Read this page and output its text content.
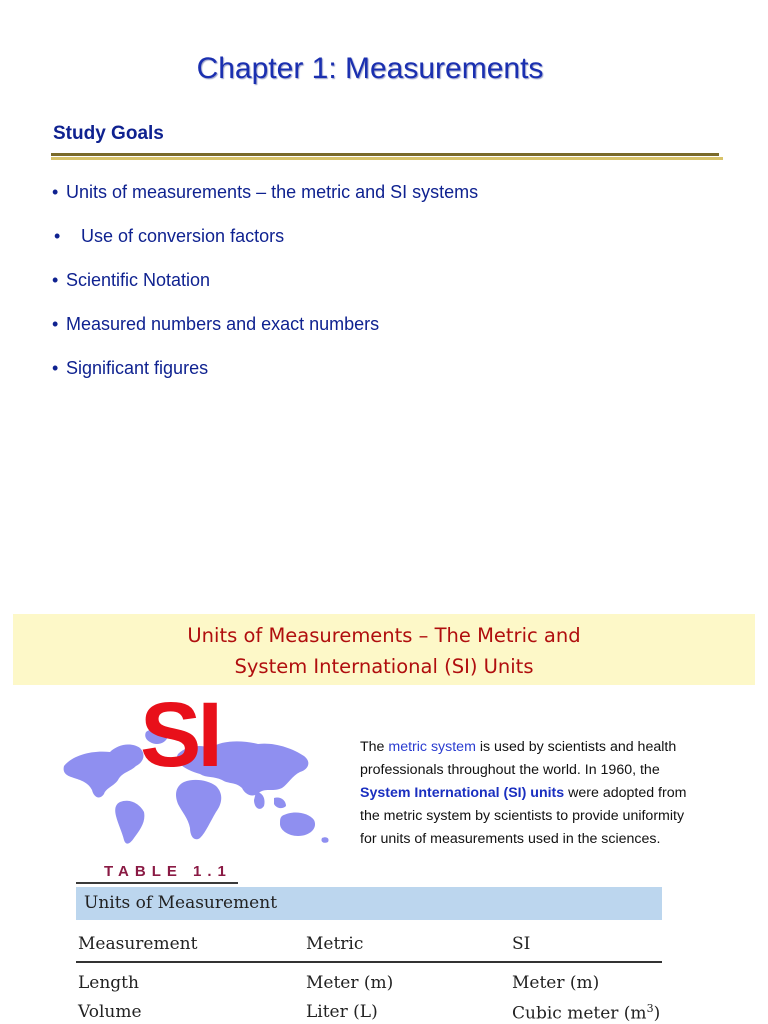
Chapter 1: Measurements
Study Goals
• Units of measurements – the metric and SI systems
• Use of conversion factors
• Scientific Notation
• Measured numbers and exact numbers
• Significant figures
Units of Measurements – The Metric and
System International (SI) Units
SI	The metric system is used by scientists and health professionals throughout the world. In 1960, the System International (SI) units were adopted from the metric system by scientists to provide uniformity for units of measurements used in the sciences.
TABLE 1.1
Units of Measurement
Measurement	Metric	SI
Length	Meter (m)	Meter (m)
Volume	Liter (L)	Cubic meter $(m^3)$
